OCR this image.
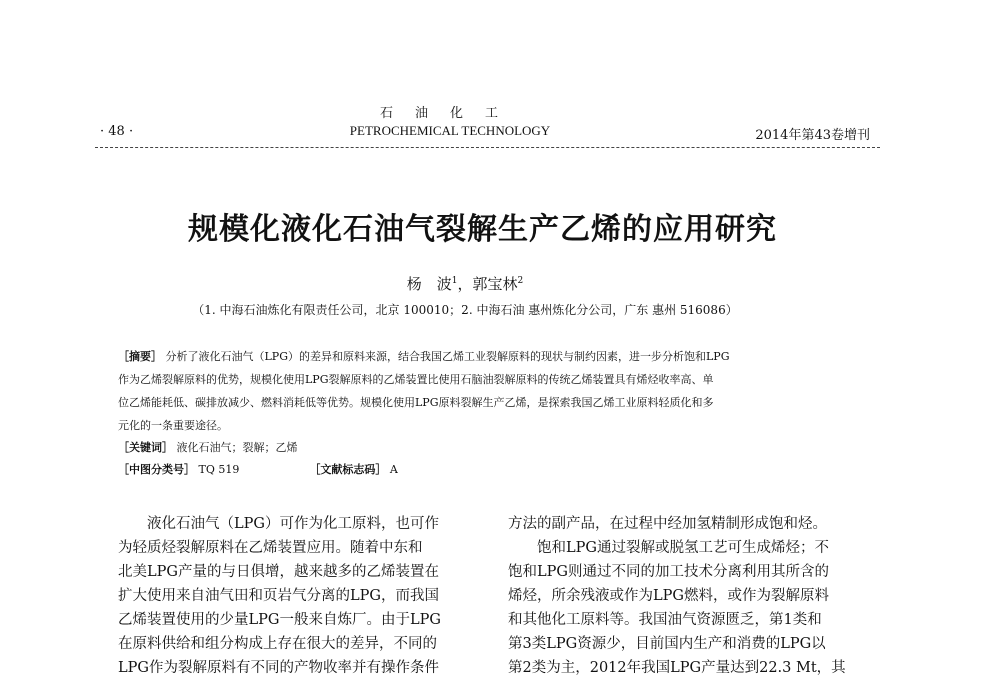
石油化工
PETROCHEMICAL TECHNOLOGY
· 48 ·	2014年第43卷增刊
规模化液化石油气裂解生产乙烯的应用研究
杨　波$^1$，郭宝林$^2$
（1. 中海石油炼化有限责任公司，北京 100010；2. 中海石油 惠州炼化分公司，广东 惠州 516086）
［摘要］ 分析了液化石油气（LPG）的差异和原料来源，结合我国乙烯工业裂解原料的现状与制约因素，进一步分析饱和LPG
作为乙烯裂解原料的优势，规模化使用LPG裂解原料的乙烯装置比使用石脑油裂解原料的传统乙烯装置具有烯烃收率高、单
位乙烯能耗低、碳排放减少、燃料消耗低等优势。规模化使用LPG原料裂解生产乙烯，是探索我国乙烯工业原料轻质化和多
元化的一条重要途径。
［关键词］ 液化石油气；裂解；乙烯
［中图分类号］ TQ 519	［文献标志码］ A
　　液化石油气（LPG）可作为化工原料，也可作
为轻质烃裂解原料在乙烯装置应用。随着中东和
北美LPG产量的与日俱增，越来越多的乙烯装置在
扩大使用来自油气田和页岩气分离的LPG，而我国
乙烯装置使用的少量LPG一般来自炼厂。由于LPG
在原料供给和组分构成上存在很大的差异，不同的
LPG作为裂解原料有不同的产物收率并有操作条件
方法的副产品，在过程中经加氢精制形成饱和烃。
　　饱和LPG通过裂解或脱氢工艺可生成烯烃；不
饱和LPG则通过不同的加工技术分离利用其所含的
烯烃，所余残液或作为LPG燃料，或作为裂解原料
和其他化工原料等。我国油气资源匮乏，第1类和
第3类LPG资源少，目前国内生产和消费的LPG以
第2类为主，2012年我国LPG产量达到22.3 Mt，其
